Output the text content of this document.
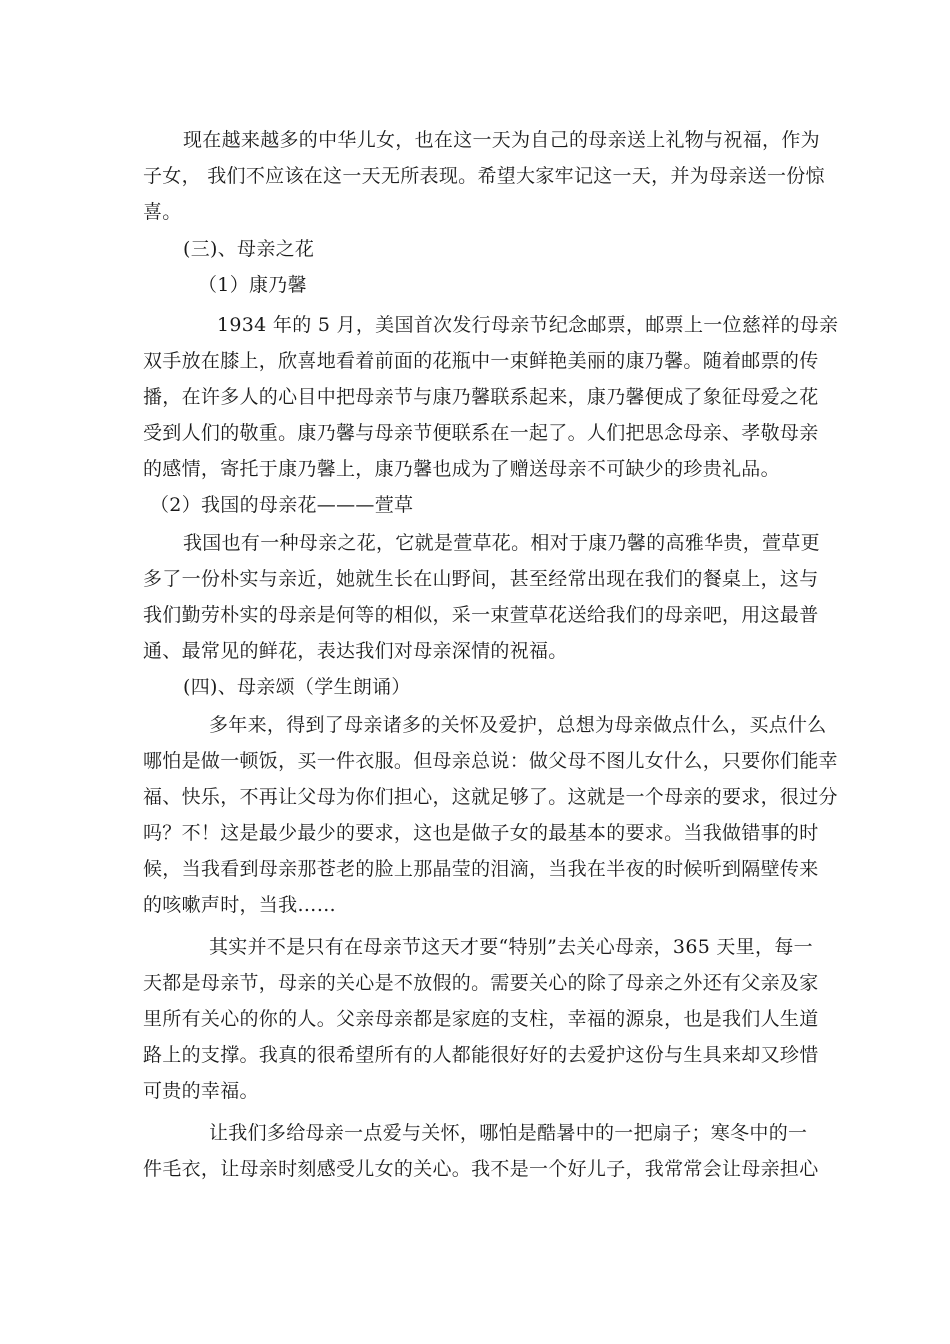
现在越来越多的中华儿女，也在这一天为自己的母亲送上礼物与祝福，作为
子女， 我们不应该在这一天无所表现。希望大家牢记这一天，并为母亲送一份惊
喜。
(三)、母亲之花
（1）康乃馨
1934 年的 5 月，美国首次发行母亲节纪念邮票，邮票上一位慈祥的母亲
双手放在膝上，欣喜地看着前面的花瓶中一束鲜艳美丽的康乃馨。随着邮票的传
播，在许多人的心目中把母亲节与康乃馨联系起来，康乃馨便成了象征母爱之花
受到人们的敬重。康乃馨与母亲节便联系在一起了。人们把思念母亲、孝敬母亲
的感情，寄托于康乃馨上，康乃馨也成为了赠送母亲不可缺少的珍贵礼品。
（2）我国的母亲花———萱草
我国也有一种母亲之花，它就是萱草花。相对于康乃馨的高雅华贵，萱草更
多了一份朴实与亲近，她就生长在山野间，甚至经常出现在我们的餐桌上，这与
我们勤劳朴实的母亲是何等的相似，采一束萱草花送给我们的母亲吧，用这最普
通、最常见的鲜花，表达我们对母亲深情的祝福。
(四)、母亲颂（学生朗诵）
多年来，得到了母亲诸多的关怀及爱护，总想为母亲做点什么，买点什么
哪怕是做一顿饭，买一件衣服。但母亲总说：做父母不图儿女什么，只要你们能幸
福、快乐，不再让父母为你们担心，这就足够了。这就是一个母亲的要求，很过分
吗？不！这是最少最少的要求，这也是做子女的最基本的要求。当我做错事的时
候，当我看到母亲那苍老的脸上那晶莹的泪滴，当我在半夜的时候听到隔壁传来
的咳嗽声时，当我……
其实并不是只有在母亲节这天才要“特别”去关心母亲，365 天里，每一
天都是母亲节，母亲的关心是不放假的。需要关心的除了母亲之外还有父亲及家
里所有关心的你的人。父亲母亲都是家庭的支柱，幸福的源泉，也是我们人生道
路上的支撑。我真的很希望所有的人都能很好好的去爱护这份与生具来却又珍惜
可贵的幸福。
让我们多给母亲一点爱与关怀，哪怕是酷暑中的一把扇子；寒冬中的一
件毛衣，让母亲时刻感受儿女的关心。我不是一个好儿子，我常常会让母亲担心
